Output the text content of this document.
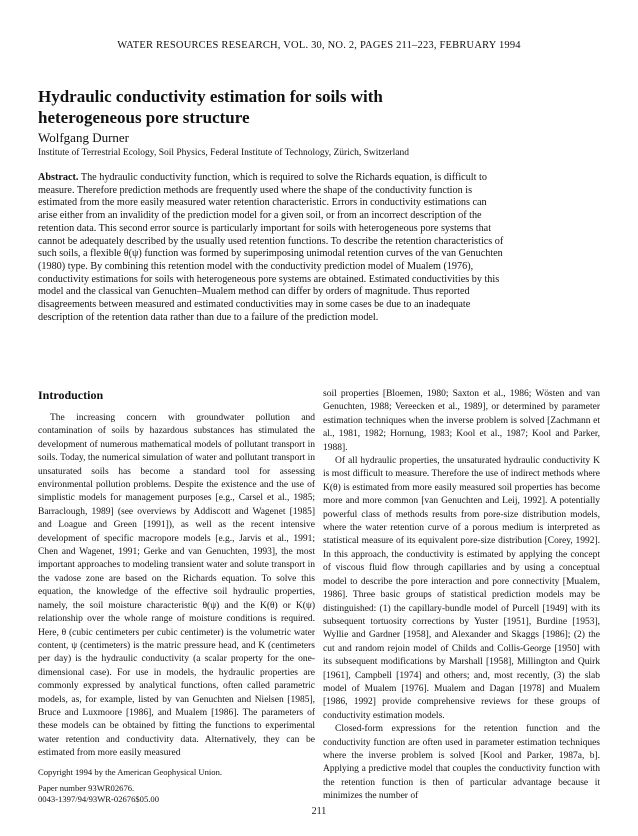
WATER RESOURCES RESEARCH, VOL. 30, NO. 2, PAGES 211–223, FEBRUARY 1994
Hydraulic conductivity estimation for soils with heterogeneous pore structure
Wolfgang Durner
Institute of Terrestrial Ecology, Soil Physics, Federal Institute of Technology, Zürich, Switzerland

Abstract. The hydraulic conductivity function, which is required to solve the Richards equation, is difficult to measure. Therefore prediction methods are frequently used where the shape of the conductivity function is estimated from the more easily measured water retention characteristic. Errors in conductivity estimations can arise either from an invalidity of the prediction model for a given soil, or from an incorrect description of the retention data. This second error source is particularly important for soils with heterogeneous pore systems that cannot be adequately described by the usually used retention functions. To describe the retention characteristics of such soils, a flexible θ(ψ) function was formed by superimposing unimodal retention curves of the van Genuchten (1980) type. By combining this retention model with the conductivity prediction model of Mualem (1976), conductivity estimations for soils with heterogeneous pore systems are obtained. Estimated conductivities by this model and the classical van Genuchten–Mualem method can differ by orders of magnitude. Thus reported disagreements between measured and estimated conductivities may in some cases be due to an inadequate description of the retention data rather than due to a failure of the prediction model.

Introduction

The increasing concern with groundwater pollution and contamination of soils by hazardous substances has stimulated the development of numerous mathematical models of pollutant transport in soils. Today, the numerical simulation of water and pollutant transport in unsaturated soils has become a standard tool for assessing environmental pollution problems. Despite the existence and the use of simplistic models for management purposes [e.g., Carsel et al., 1985; Barraclough, 1989] (see overviews by Addiscott and Wagenet [1985] and Loague and Green [1991]), as well as the recent intensive development of specific macropore models [e.g., Jarvis et al., 1991; Chen and Wagenet, 1991; Gerke and van Genuchten, 1993], the most important approaches to modeling transient water and solute transport in the vadose zone are based on the Richards equation. To solve this equation, the knowledge of the effective soil hydraulic properties, namely, the soil moisture characteristic θ(ψ) and the K(θ) or K(ψ) relationship over the whole range of moisture conditions is required. Here, θ (cubic centimeters per cubic centimeter) is the volumetric water content, ψ (centimeters) is the matric pressure head, and K (centimeters per day) is the hydraulic conductivity (a scalar property for the one-dimensional case). For use in models, the hydraulic properties are commonly expressed by analytical functions, often called parametric models, as, for example, listed by van Genuchten and Nielsen [1985], Bruce and Luxmoore [1986], and Mualem [1986]. The parameters of these models can be obtained by fitting the functions to experimental water retention and conductivity data. Alternatively, they can be estimated from more easily measured

Copyright 1994 by the American Geophysical Union.
Paper number 93WR02676.
0043-1397/94/93WR-02676$05.00

soil properties [Bloemen, 1980; Saxton et al., 1986; Wösten and van Genuchten, 1988; Vereecken et al., 1989], or determined by parameter estimation techniques when the inverse problem is solved [Zachmann et al., 1981, 1982; Hornung, 1983; Kool et al., 1987; Kool and Parker, 1988].

Of all hydraulic properties, the unsaturated hydraulic conductivity K is most difficult to measure. Therefore the use of indirect methods where K(θ) is estimated from more easily measured soil properties has become more and more common [van Genuchten and Leij, 1992]. A potentially powerful class of methods results from pore-size distribution models, where the water retention curve of a porous medium is interpreted as statistical measure of its equivalent pore-size distribution [Corey, 1992]. In this approach, the conductivity is estimated by applying the concept of viscous fluid flow through capillaries and by using a conceptual model to describe the pore interaction and pore connectivity [Mualem, 1986]. Three basic groups of statistical prediction models may be distinguished: (1) the capillary-bundle model of Purcell [1949] with its subsequent tortuosity corrections by Yuster [1951], Burdine [1953], Wyllie and Gardner [1958], and Alexander and Skaggs [1986]; (2) the cut and random rejoin model of Childs and Collis-George [1950] with its subsequent modifications by Marshall [1958], Millington and Quirk [1961], Campbell [1974] and others; and, most recently, (3) the slab model of Mualem [1976]. Mualem and Dagan [1978] and Mualem [1986, 1992] provide comprehensive reviews for these groups of conductivity estimation models.

Closed-form expressions for the retention function and the conductivity function are often used in parameter estimation techniques where the inverse problem is solved [Kool and Parker, 1987a, b]. Applying a predictive model that couples the conductivity function with the retention function is then of particular advantage because it minimizes the number of

211
